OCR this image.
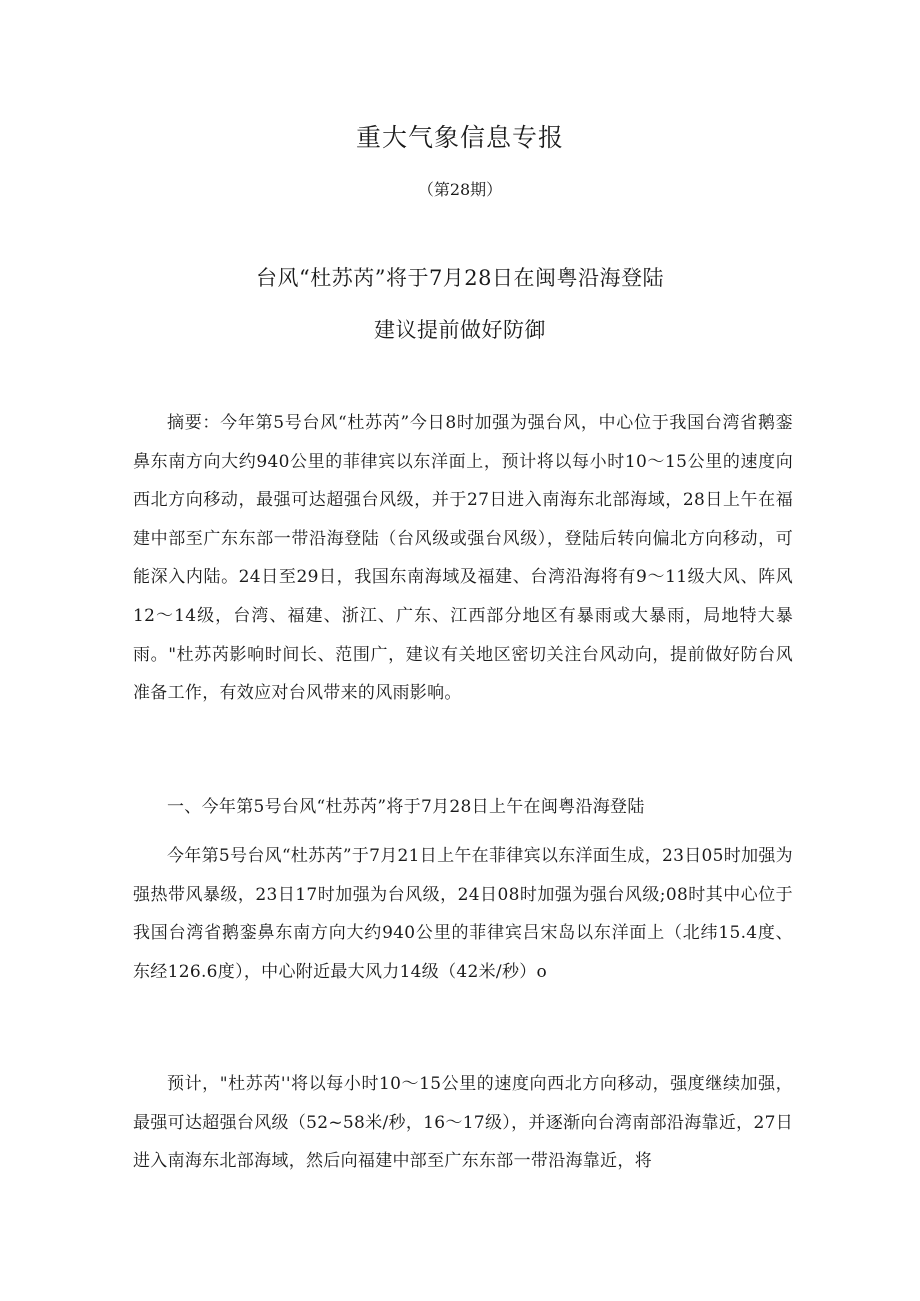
重大气象信息专报
（第28期）
台风“杜苏芮”将于7月28日在闽粤沿海登陆
建议提前做好防御

摘要：今年第5号台风“杜苏芮”今日8时加强为强台风，中心位于我国台湾省鹅銮鼻东南方向大约940公里的菲律宾以东洋面上，预计将以每小时10～15公里的速度向西北方向移动，最强可达超强台风级，并于27日进入南海东北部海域，28日上午在福建中部至广东东部一带沿海登陆（台风级或强台风级），登陆后转向偏北方向移动，可能深入内陆。24日至29日，我国东南海域及福建、台湾沿海将有9～11级大风、阵风12～14级，台湾、福建、浙江、广东、江西部分地区有暴雨或大暴雨，局地特大暴雨。"杜苏芮影响时间长、范围广，建议有关地区密切关注台风动向，提前做好防台风准备工作，有效应对台风带来的风雨影响。

一、今年第5号台风“杜苏芮”将于7月28日上午在闽粤沿海登陆

今年第5号台风“杜苏芮”于7月21日上午在菲律宾以东洋面生成，23日05时加强为强热带风暴级，23日17时加强为台风级，24日08时加强为强台风级;08时其中心位于我国台湾省鹅銮鼻东南方向大约940公里的菲律宾吕宋岛以东洋面上（北纬15.4度、东经126.6度），中心附近最大风力14级（42米/秒）o

预计，"杜苏芮''将以每小时10～15公里的速度向西北方向移动，强度继续加强，最强可达超强台风级（52~58米/秒，16～17级），并逐渐向台湾南部沿海靠近，27日进入南海东北部海域，然后向福建中部至广东东部一带沿海靠近，将
